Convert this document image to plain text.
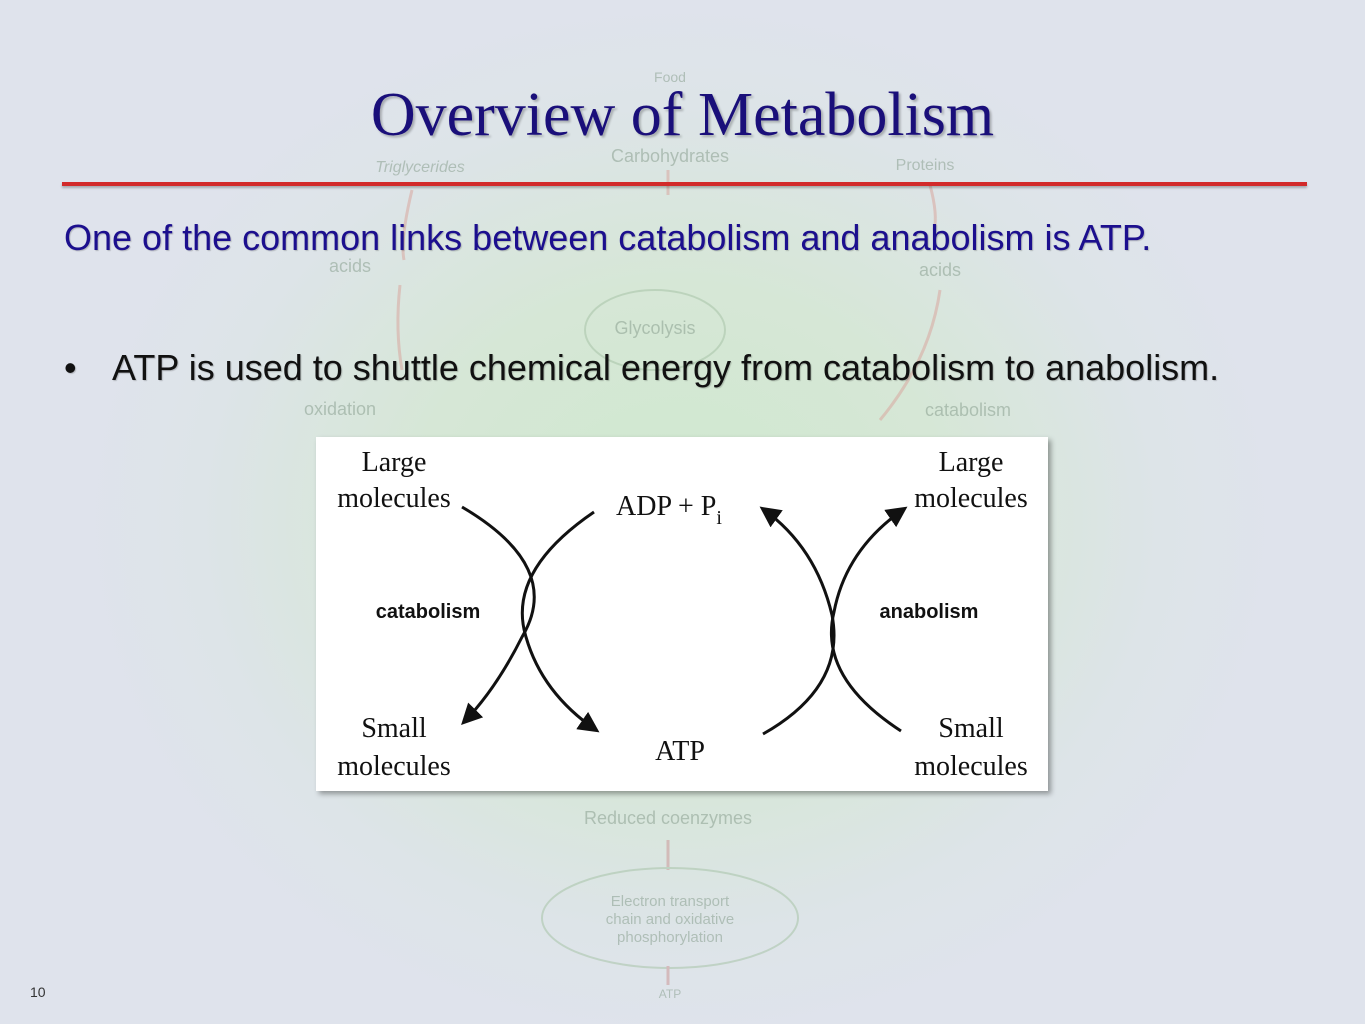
Food
Carbohydrates
Triglycerides	Proteins
acids	acids
Glycolysis
oxidation	catabolism
Reduced coenzymes
Electron transport
chain and oxidative
phosphorylation
ATP
Overview of Metabolism
One of the common links between catabolism and anabolism is ATP.
• ATP is used to shuttle chemical energy from catabolism to anabolism.
Large
molecules
Small
molecules
Large
molecules
Small
molecules
catabolism	anabolism
ADP + $P_i$
ATP
10
